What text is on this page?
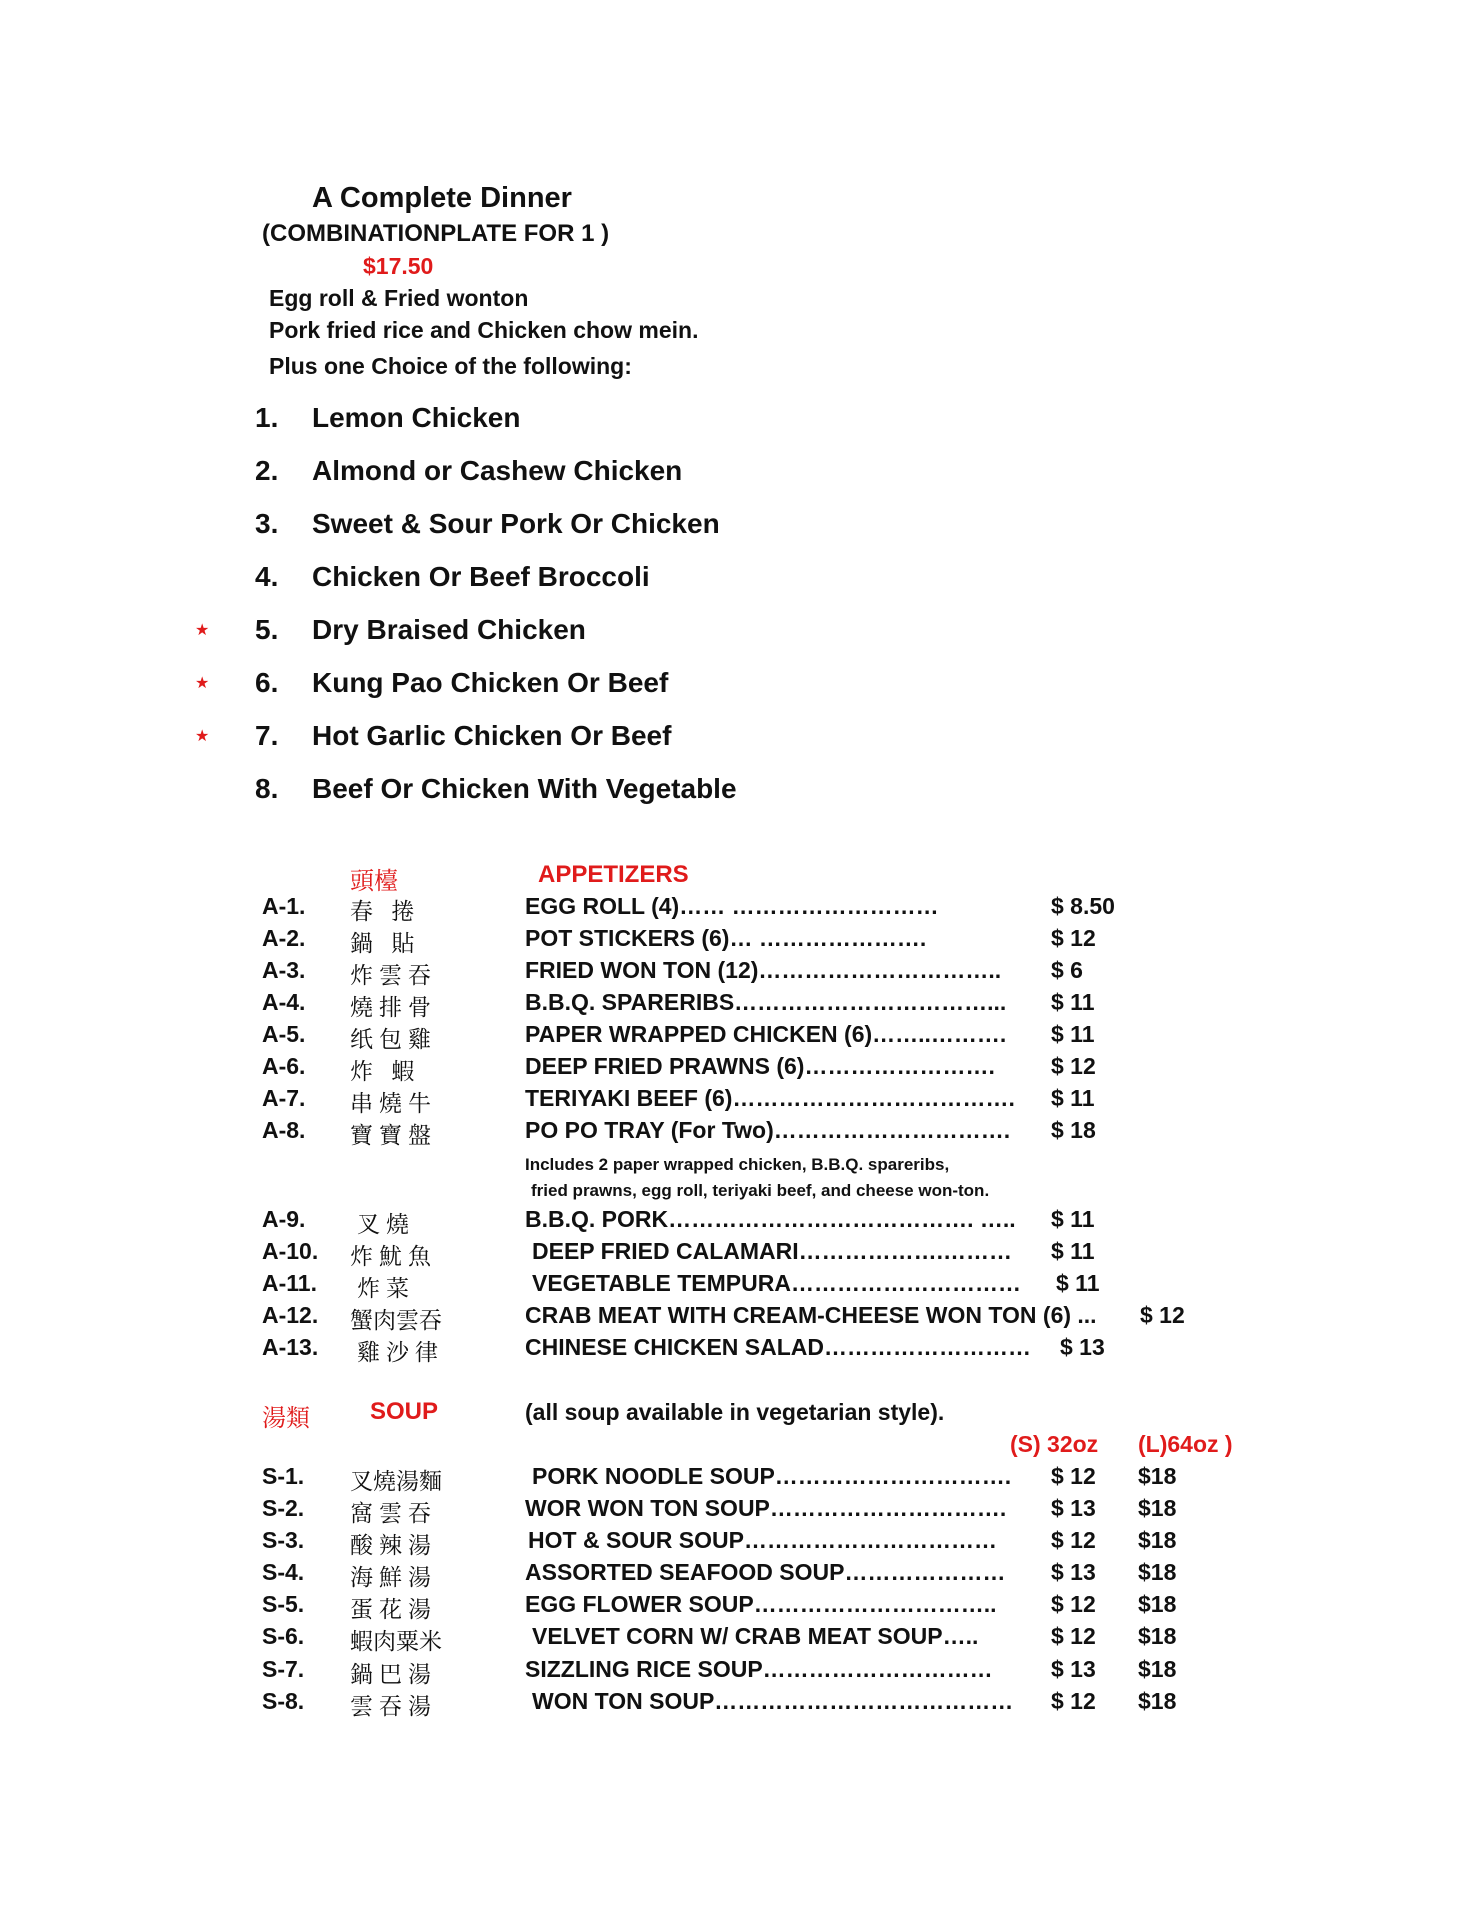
A Complete Dinner
(COMBINATIONPLATE FOR 1 )
$17.50
Egg roll & Fried wonton
Pork fried rice and Chicken chow mein.
Plus one Choice of the following:
1. Lemon Chicken
2. Almond or Cashew Chicken
3. Sweet & Sour Pork Or Chicken
4. Chicken Or Beef Broccoli
★ 5. Dry Braised Chicken
★ 6. Kung Pao Chicken Or Beef
★ 7. Hot Garlic Chicken Or Beef
8. Beef Or Chicken With Vegetable
頭檯	APPETIZERS
A-1. 春 捲	EGG ROLL (4)…… ………………………	$ 8.50
A-2. 鍋 貼	POT STICKERS (6)… ………………….	$ 12
A-3. 炸雲吞	FRIED WON TON (12)………………………….. $ 6
A-4. 燒排骨	B.B.Q. SPARERIBS……………………………... $ 11
A-5. 纸包雞	PAPER WRAPPED CHICKEN (6)……..………. $ 11
A-6. 炸 蝦	DEEP FRIED PRAWNS (6)……………………. $ 12
A-7. 串燒牛	TERIYAKI BEEF (6)………………………………. $ 11
A-8. 寶寶盤	PO PO TRAY (For Two)…………………………. $ 18
Includes 2 paper wrapped chicken, B.B.Q. spareribs,
fried prawns, egg roll, teriyaki beef, and cheese won-ton.
A-9. 叉燒	B.B.Q. PORK…………………………………. ….. $ 11
A-10. 炸魷魚	DEEP FRIED CALAMARI……………….……… $ 11
A-11. 炸菜	VEGETABLE TEMPURA………………………… $ 11
A-12. 蟹肉雲吞	CRAB MEAT WITH CREAM-CHEESE WON TON (6) ... $ 12
A-13. 雞沙律	CHINESE CHICKEN SALAD……………………… $ 13
湯類	SOUP	(all soup available in vegetarian style).
(S) 32oz (L)64oz )
S-1. 叉燒湯麵	PORK NOODLE SOUP…………………………. $ 12 $18
S-2. 窩雲吞	WOR WON TON SOUP…………………………. $ 13 $18
S-3. 酸辣湯	HOT & SOUR SOUP…………………………… $ 12 $18
S-4. 海鮮湯	ASSORTED SEAFOOD SOUP………………… $ 13 $18
S-5. 蛋花湯	EGG FLOWER SOUP………………………….. $ 12 $18
S-6. 蝦肉粟米	VELVET CORN W/ CRAB MEAT SOUP…..	$ 12 $18
S-7. 鍋巴湯	SIZZLING RICE SOUP…………………………	$ 13 $18
S-8. 雲吞湯	WON TON SOUP………………………………… $ 12 $18
